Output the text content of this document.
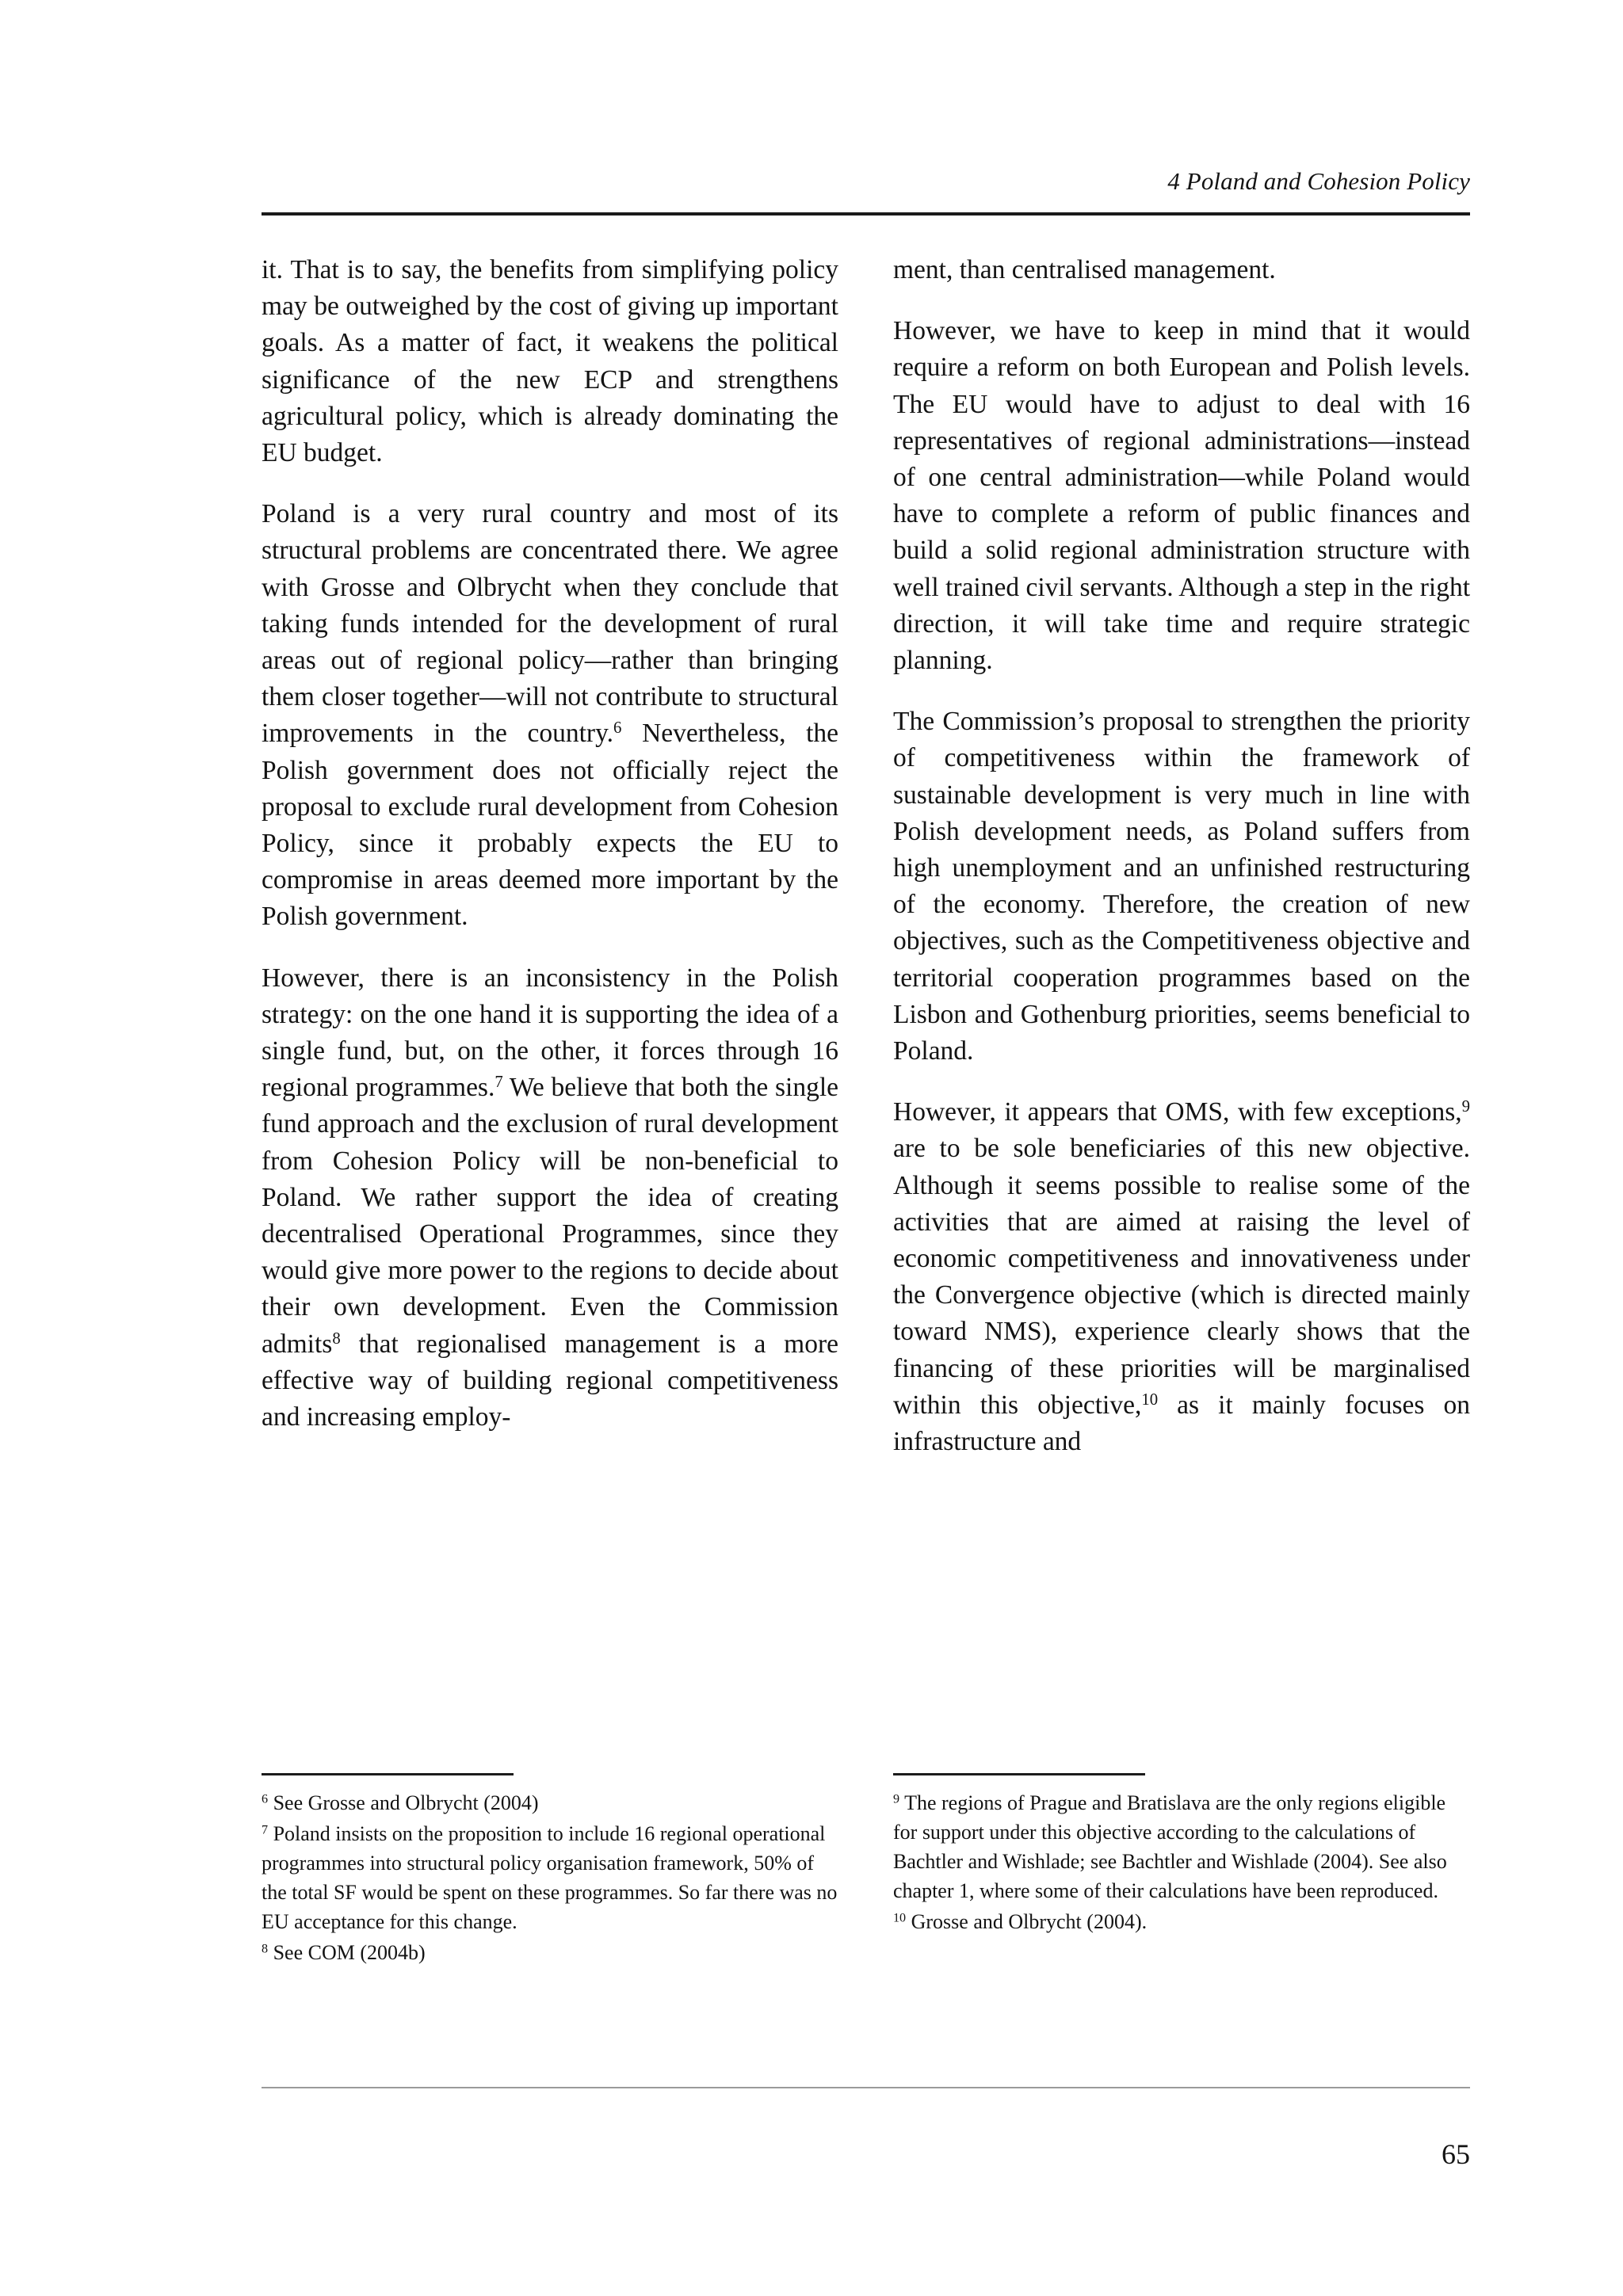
4 Poland and Cohesion Policy

it. That is to say, the benefits from simplifying policy may be outweighed by the cost of giving up important goals. As a matter of fact, it weakens the political significance of the new ECP and strengthens agricultural policy, which is already dominating the EU budget.

Poland is a very rural country and most of its structural problems are concentrated there. We agree with Grosse and Olbrycht when they conclude that taking funds intended for the development of rural areas out of regional policy—rather than bringing them closer together—will not contribute to structural improvements in the country.$^6$ Nevertheless, the Polish government does not officially reject the proposal to exclude rural development from Cohesion Policy, since it probably expects the EU to compromise in areas deemed more important by the Polish government.

However, there is an inconsistency in the Polish strategy: on the one hand it is supporting the idea of a single fund, but, on the other, it forces through 16 regional programmes.$^7$ We believe that both the single fund approach and the exclusion of rural development from Cohesion Policy will be non-beneficial to Poland. We rather support the idea of creating decentralised Operational Programmes, since they would give more power to the regions to decide about their own development. Even the Commission admits$^8$ that regionalised management is a more effective way of building regional competitiveness and increasing employ-

ment, than centralised management.

However, we have to keep in mind that it would require a reform on both European and Polish levels. The EU would have to adjust to deal with 16 representatives of regional administrations—instead of one central administration—while Poland would have to complete a reform of public finances and build a solid regional administration structure with well trained civil servants. Although a step in the right direction, it will take time and require strategic planning.

The Commission’s proposal to strengthen the priority of competitiveness within the framework of sustainable development is very much in line with Polish development needs, as Poland suffers from high unemployment and an unfinished restructuring of the economy. Therefore, the creation of new objectives, such as the Competitiveness objective and territorial cooperation programmes based on the Lisbon and Gothenburg priorities, seems beneficial to Poland.

However, it appears that OMS, with few exceptions,$^9$ are to be sole beneficiaries of this new objective. Although it seems possible to realise some of the activities that are aimed at raising the level of economic competitiveness and innovativeness under the Convergence objective (which is directed mainly toward NMS), experience clearly shows that the financing of these priorities will be marginalised within this objective,$^{10}$ as it mainly focuses on infrastructure and

$^6$ See Grosse and Olbrycht (2004)

$^7$ Poland insists on the proposition to include 16 regional operational programmes into structural policy organisation framework, 50% of the total SF would be spent on these programmes. So far there was no EU acceptance for this change.

$^8$ See COM (2004b)

$^9$ The regions of Prague and Bratislava are the only regions eligible for support under this objective according to the calculations of Bachtler and Wishlade; see Bachtler and Wishlade (2004). See also chapter 1, where some of their calculations have been reproduced.

$^{10}$ Grosse and Olbrycht (2004).

65
